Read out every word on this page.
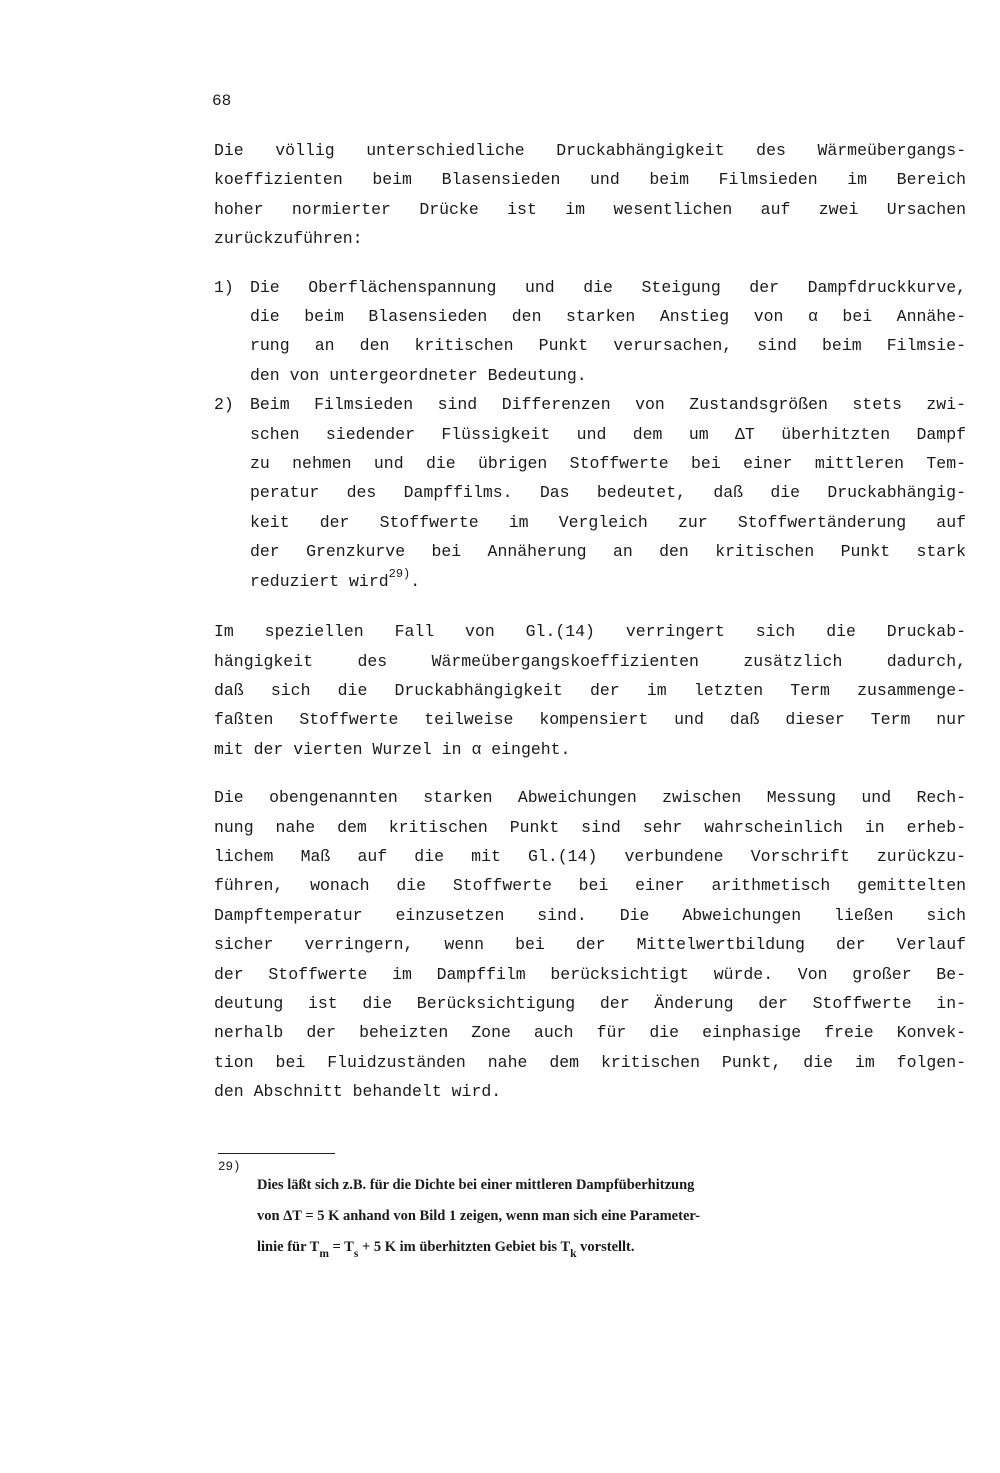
68

Die völlig unterschiedliche Druckabhängigkeit des Wärmeübergangs-
koeffizienten beim Blasensieden und beim Filmsieden im Bereich
hoher normierter Drücke ist im wesentlichen auf zwei Ursachen
zurückzuführen:

1) Die Oberflächenspannung und die Steigung der Dampfdruckkurve,
die beim Blasensieden den starken Anstieg von α bei Annähe-
rung an den kritischen Punkt verursachen, sind beim Filmsie-
den von untergeordneter Bedeutung.
2) Beim Filmsieden sind Differenzen von Zustandsgrößen stets zwi-
schen siedender Flüssigkeit und dem um ΔT überhitzten Dampf
zu nehmen und die übrigen Stoffwerte bei einer mittleren Tem-
peratur des Dampffilms. Das bedeutet, daß die Druckabhängig-
keit der Stoffwerte im Vergleich zur Stoffwertänderung auf
der Grenzkurve bei Annäherung an den kritischen Punkt stark
reduziert wird$^{29)}$.

Im speziellen Fall von Gl.(14) verringert sich die Druckab-
hängigkeit des Wärmeübergangskoeffizienten zusätzlich dadurch,
daß sich die Druckabhängigkeit der im letzten Term zusammenge-
faßten Stoffwerte teilweise kompensiert und daß dieser Term nur
mit der vierten Wurzel in α eingeht.

Die obengenannten starken Abweichungen zwischen Messung und Rech-
nung nahe dem kritischen Punkt sind sehr wahrscheinlich in erheb-
lichem Maß auf die mit Gl.(14) verbundene Vorschrift zurückzu-
führen, wonach die Stoffwerte bei einer arithmetisch gemittelten
Dampftemperatur einzusetzen sind. Die Abweichungen ließen sich
sicher verringern, wenn bei der Mittelwertbildung der Verlauf
der Stoffwerte im Dampffilm berücksichtigt würde. Von großer Be-
deutung ist die Berücksichtigung der Änderung der Stoffwerte in-
nerhalb der beheizten Zone auch für die einphasige freie Konvek-
tion bei Fluidzuständen nahe dem kritischen Punkt, die im folgen-
den Abschnitt behandelt wird.

29)
Dies läßt sich z.B. für die Dichte bei einer mittleren Dampfüberhitzung
von ΔT = 5 K anhand von Bild 1 zeigen, wenn man sich eine Parameter-
linie für $T_m = T_s + 5$ K im überhitzten Gebiet bis $T_k$ vorstellt.
